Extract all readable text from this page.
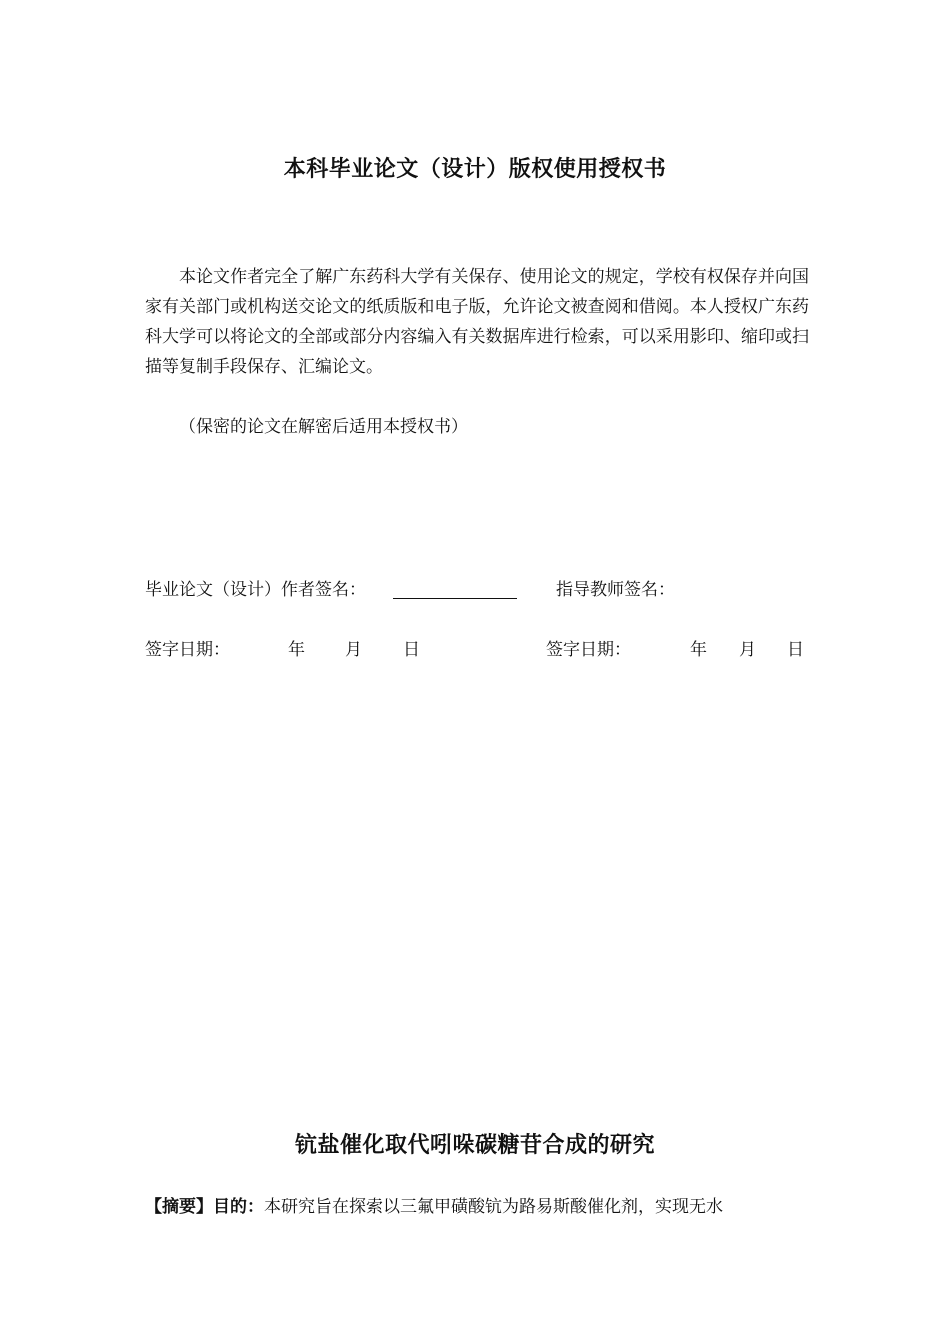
本科毕业论文（设计）版权使用授权书
本论文作者完全了解广东药科大学有关保存、使用论文的规定，学校有权保存并向国家有关部门或机构送交论文的纸质版和电子版，允许论文被查阅和借阅。本人授权广东药科大学可以将论文的全部或部分内容编入有关数据库进行检索，可以采用影印、缩印或扫描等复制手段保存、汇编论文。
（保密的论文在解密后适用本授权书）
毕业论文（设计）作者签名：	指导教师签名：
签字日期：	年 月 日	签字日期：	年 月 日
钪盐催化取代吲哚碳糖苷合成的研究
【摘要】目的：本研究旨在探索以三氟甲磺酸钪为路易斯酸催化剂，实现无水
